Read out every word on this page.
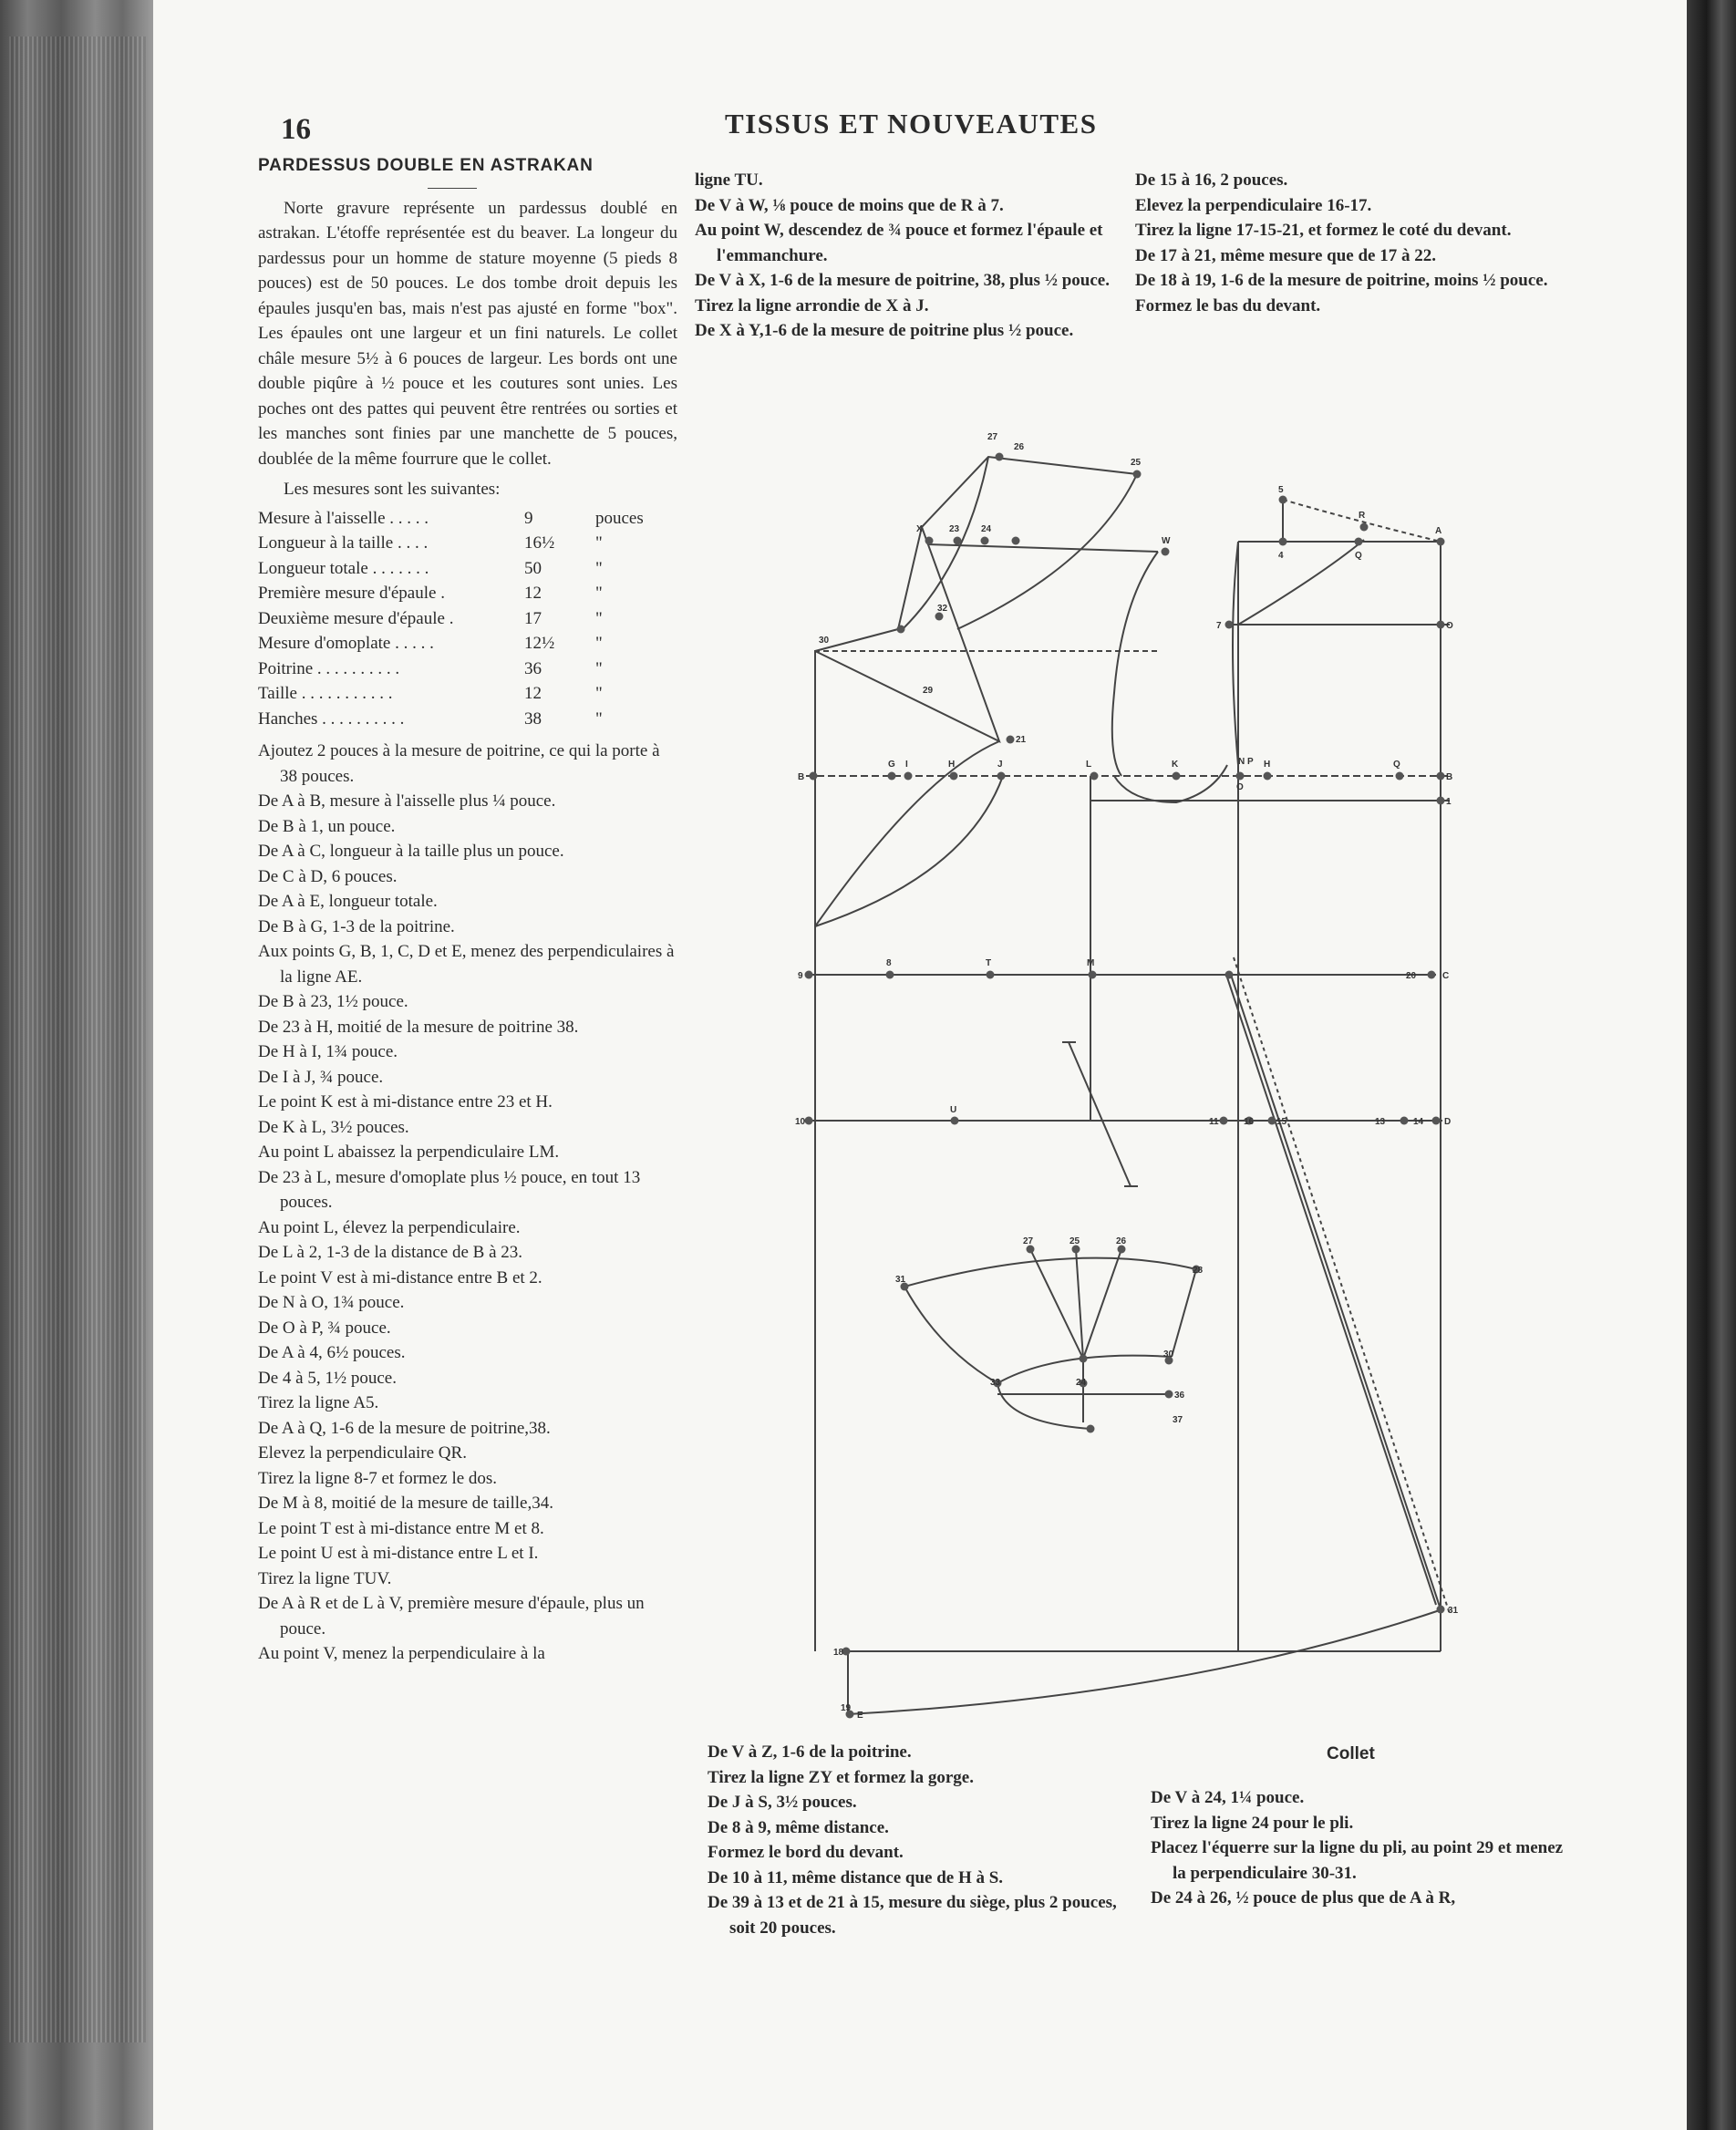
16	TISSUS ET NOUVEAUTES

PARDESSUS DOUBLE EN ASTRAKAN

Norte gravure représente un pardessus doublé en astrakan. L'étoffe représentée est du beaver. La longeur du pardessus pour un homme de stature moyenne (5 pieds 8 pouces) est de 50 pouces. Le dos tombe droit depuis les épaules jusqu'en bas, mais n'est pas ajusté en forme "box". Les épaules ont une largeur et un fini naturels. Le collet châle mesure 5½ à 6 pouces de largeur. Les bords ont une double piqûre à ½ pouce et les coutures sont unies. Les poches ont des pattes qui peuvent être rentrées ou sorties et les manches sont finies par une manchette de 5 pouces, doublée de la même fourrure que le collet.

Les mesures sont les suivantes:

Mesure à l'aisselle . . . . .	9	pouces
Longueur à la taille . . . .	16½	"
Longueur totale . . . . . . .	50	"
Première mesure d'épaule .	12	"
Deuxième mesure d'épaule .	17	"
Mesure d'omoplate . . . . .	12½	"
Poitrine . . . . . . . . . .	36	"
Taille . . . . . . . . . . .	12	"
Hanches . . . . . . . . . .	38	"

Ajoutez 2 pouces à la mesure de poitrine, ce qui la porte à 38 pouces.

De A à B, mesure à l'aisselle plus ¼ pouce.

De B à 1, un pouce.

De A à C, longueur à la taille plus un pouce.

De C à D, 6 pouces.

De A à E, longueur totale.

De B à G, 1-3 de la poitrine.

Aux points G, B, 1, C, D et E, menez des perpendiculaires à la ligne AE.

De B à 23, 1½ pouce.

De 23 à H, moitié de la mesure de poitrine 38.

De H à I, 1¾ pouce.

De I à J, ¾ pouce.

Le point K est à mi-distance entre 23 et H.

De K à L, 3½ pouces.

Au point L abaissez la perpendiculaire LM.

De 23 à L, mesure d'omoplate plus ½ pouce, en tout 13 pouces.

Au point L, élevez la perpendiculaire.

De L à 2, 1-3 de la distance de B à 23.

Le point V est à mi-distance entre B et 2.

De N à O, 1¾ pouce.

De O à P, ¾ pouce.

De A à 4, 6½ pouces.

De 4 à 5, 1½ pouce.

Tirez la ligne A5.

De A à Q, 1-6 de la mesure de poitrine,38.

Elevez la perpendiculaire QR.

Tirez la ligne 8-7 et formez le dos.

De M à 8, moitié de la mesure de taille,34.

Le point T est à mi-distance entre M et 8.

Le point U est à mi-distance entre L et I.

Tirez la ligne TUV.

De A à R et de L à V, première mesure d'épaule, plus un pouce.

Au point V, menez la perpendiculaire à la

ligne TU.

De V à W, ⅛ pouce de moins que de R à 7.

Au point W, descendez de ¾ pouce et formez l'épaule et l'emmanchure.

De V à X, 1-6 de la mesure de poitrine, 38, plus ½ pouce.

Tirez la ligne arrondie de X à J.

De X à Y,1-6 de la mesure de poitrine plus ½ pouce.

De 15 à 16, 2 pouces.

Elevez la perpendiculaire 16-17.

Tirez la ligne 17-15-21, et formez le coté du devant.

De 17 à 21, même mesure que de 17 à 22.

De 18 à 19, 1-6 de la mesure de poitrine, moins ½ pouce.

Formez le bas du devant.

De V à Z, 1-6 de la poitrine.

Tirez la ligne ZY et formez la gorge.

De J à S, 3½ pouces.

De 8 à 9, même distance.

Formez le bord du devant.

De 10 à 11, même distance que de H à S.

De 39 à 13 et de 21 à 15, mesure du siège, plus 2 pouces, soit 20 pouces.

Collet

De V à 24, 1¼ pouce.

Tirez la ligne 24 pour le pli.

Placez l'équerre sur la ligne du pli, au point 29 et menez la perpendiculaire 30-31.

De 24 à 26, ½ pouce de plus que de A à R,

27
26
25
X	23 24
W
32
30
29
21
B
G I	H	J	L	K	N P
O
H	Q
B
1
5
R
A
4	Q
7	O
9
8	T	M
20	C
10
U
11	16 15	13	14 D
31
18
19
E
31
27	25	26
28
24
30
33
36
37
